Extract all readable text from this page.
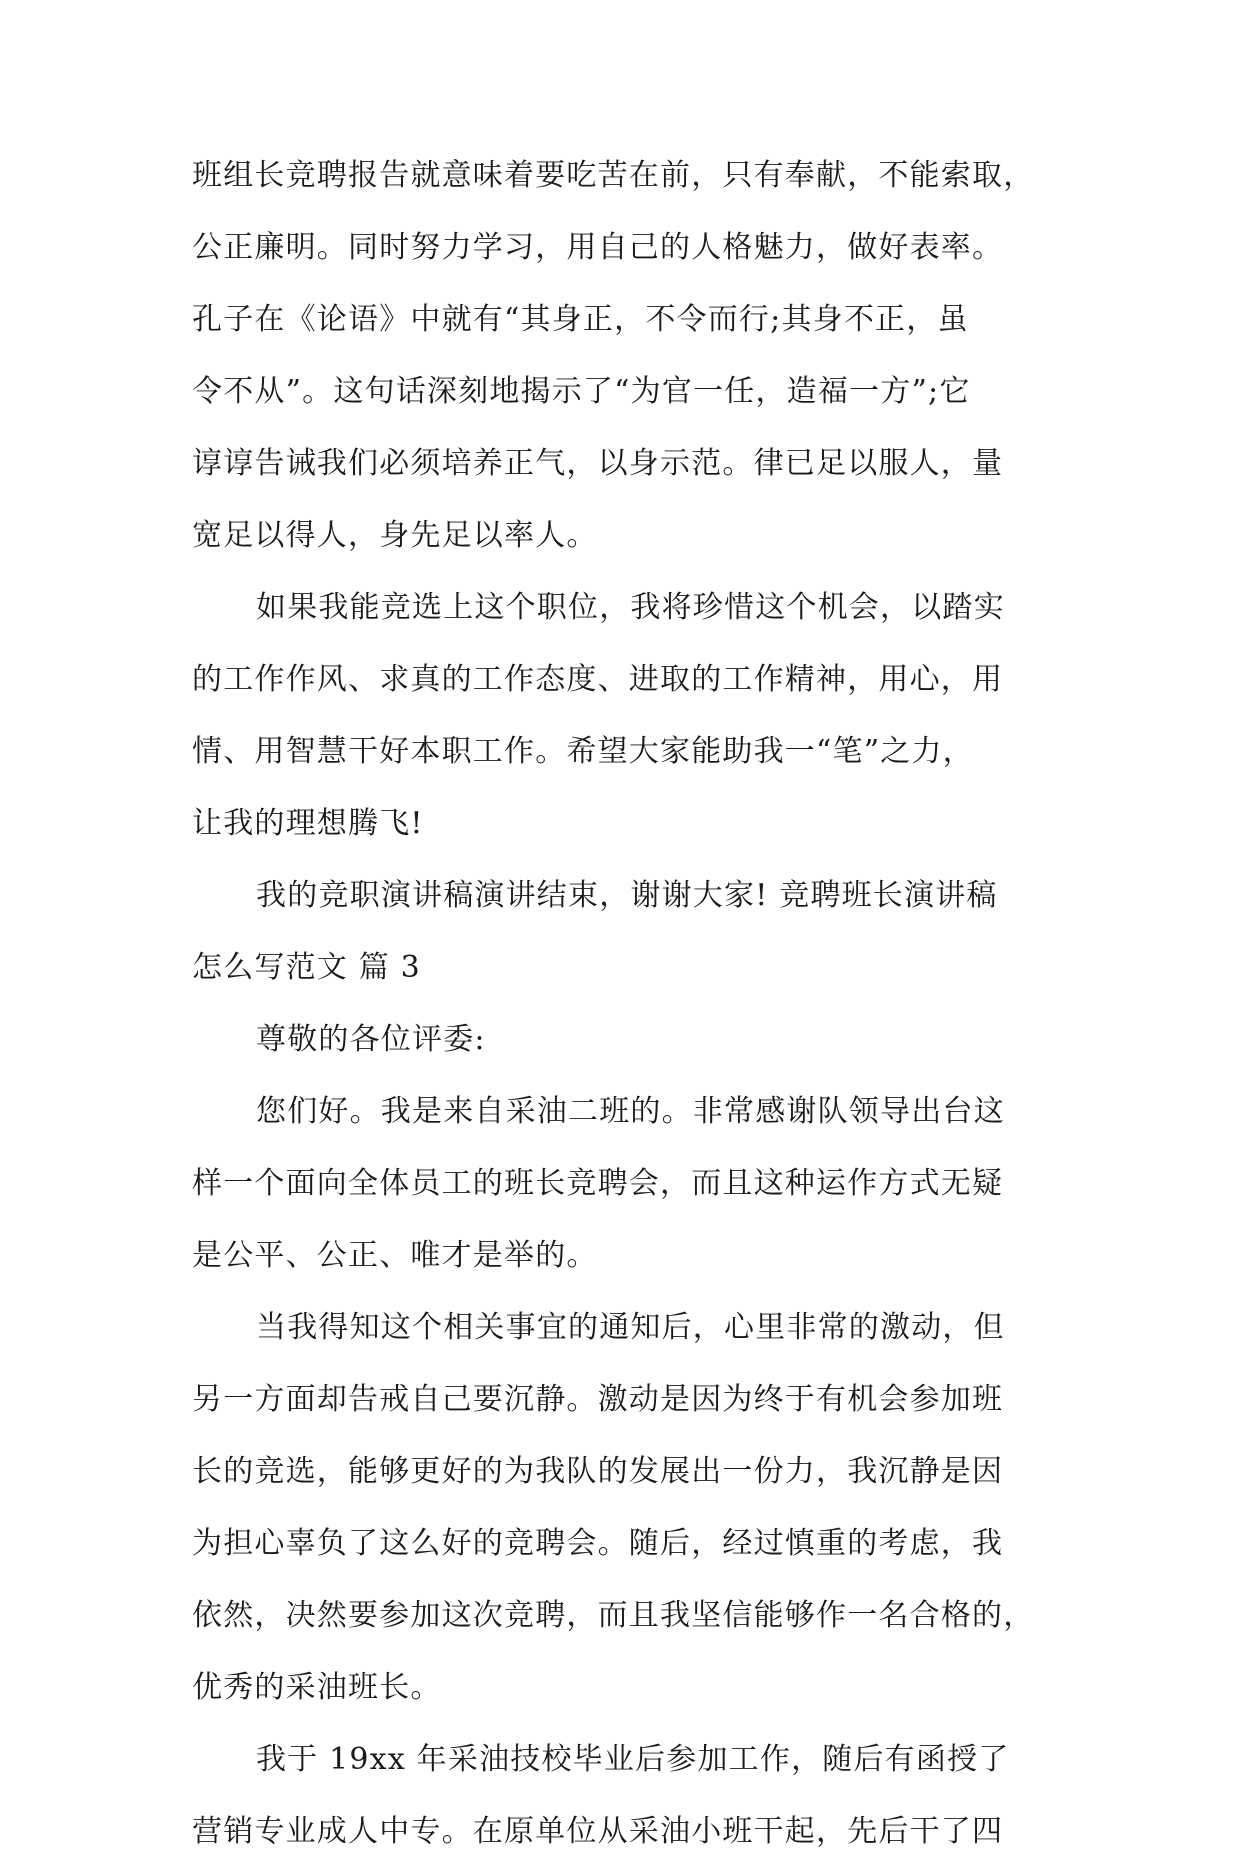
班组长竞聘报告就意味着要吃苦在前，只有奉献，不能索取，
公正廉明。同时努力学习，用自己的人格魅力，做好表率。
孔子在《论语》中就有“其身正，不令而行;其身不正，虽
令不从”。这句话深刻地揭示了“为官一任，造福一方”;它
谆谆告诫我们必须培养正气，以身示范。律已足以服人，量
宽足以得人，身先足以率人。
如果我能竞选上这个职位，我将珍惜这个机会，以踏实
的工作作风、求真的工作态度、进取的工作精神，用心，用
情、用智慧干好本职工作。希望大家能助我一“笔”之力，
让我的理想腾飞!
我的竞职演讲稿演讲结束，谢谢大家! 竞聘班长演讲稿
怎么写范文 篇 3
尊敬的各位评委:
您们好。我是来自采油二班的。非常感谢队领导出台这
样一个面向全体员工的班长竞聘会，而且这种运作方式无疑
是公平、公正、唯才是举的。
当我得知这个相关事宜的通知后，心里非常的激动，但
另一方面却告戒自己要沉静。激动是因为终于有机会参加班
长的竞选，能够更好的为我队的发展出一份力，我沉静是因
为担心辜负了这么好的竞聘会。随后，经过慎重的考虑，我
依然，决然要参加这次竞聘，而且我坚信能够作一名合格的，
优秀的采油班长。
我于 19xx 年采油技校毕业后参加工作，随后有函授了
营销专业成人中专。在原单位从采油小班干起，先后干了四
